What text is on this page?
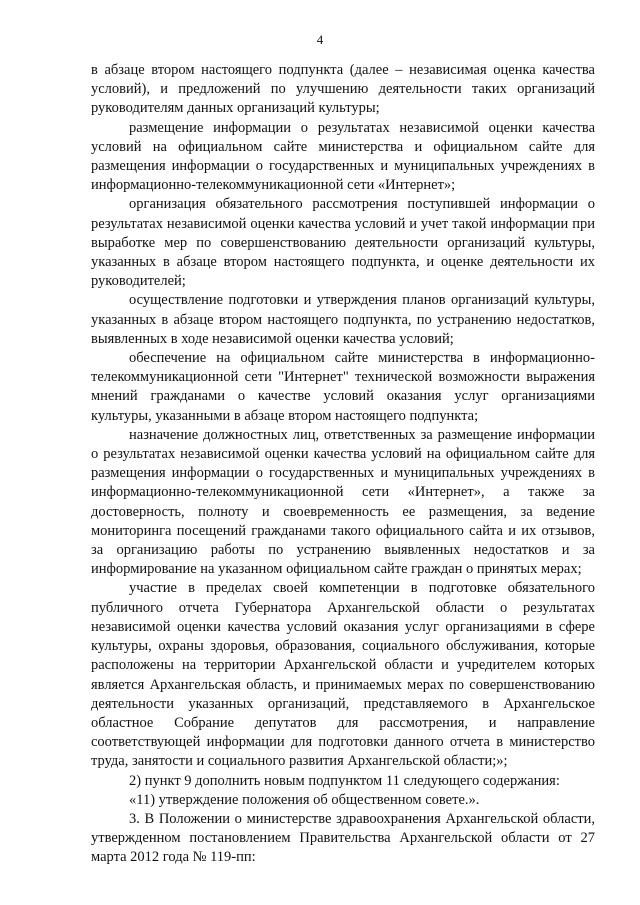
4

в абзаце втором настоящего подпункта (далее – независимая оценка качества условий), и предложений по улучшению деятельности таких организаций руководителям данных организаций культуры;

размещение информации о результатах независимой оценки качества условий на официальном сайте министерства и официальном сайте для размещения информации о государственных и муниципальных учреждениях в информационно-телекоммуникационной сети «Интернет»;

организация обязательного рассмотрения поступившей информации о результатах независимой оценки качества условий и учет такой информации при выработке мер по совершенствованию деятельности организаций культуры, указанных в абзаце втором настоящего подпункта, и оценке деятельности их руководителей;

осуществление подготовки и утверждения планов организаций культуры, указанных в абзаце втором настоящего подпункта, по устранению недостатков, выявленных в ходе независимой оценки качества условий;

обеспечение на официальном сайте министерства в информационно-телекоммуникационной сети "Интернет" технической возможности выражения мнений гражданами о качестве условий оказания услуг организациями культуры, указанными в абзаце втором настоящего подпункта;

назначение должностных лиц, ответственных за размещение информации о результатах независимой оценки качества условий на официальном сайте для размещения информации о государственных и муниципальных учреждениях в информационно-телекоммуникационной сети «Интернет», а также за достоверность, полноту и своевременность ее размещения, за ведение мониторинга посещений гражданами такого официального сайта и их отзывов, за организацию работы по устранению выявленных недостатков и за информирование на указанном официальном сайте граждан о принятых мерах;

участие в пределах своей компетенции в подготовке обязательного публичного отчета Губернатора Архангельской области о результатах независимой оценки качества условий оказания услуг организациями в сфере культуры, охраны здоровья, образования, социального обслуживания, которые расположены на территории Архангельской области и учредителем которых является Архангельская область, и принимаемых мерах по совершенствованию деятельности указанных организаций, представляемого в Архангельское областное Собрание депутатов для рассмотрения, и направление соответствующей информации для подготовки данного отчета в министерство труда, занятости и социального развития Архангельской области;»;

2) пункт 9 дополнить новым подпунктом 11 следующего содержания:

«11) утверждение положения об общественном совете.».

3. В Положении о министерстве здравоохранения Архангельской области, утвержденном постановлением Правительства Архангельской области от 27 марта 2012 года № 119-пп:
